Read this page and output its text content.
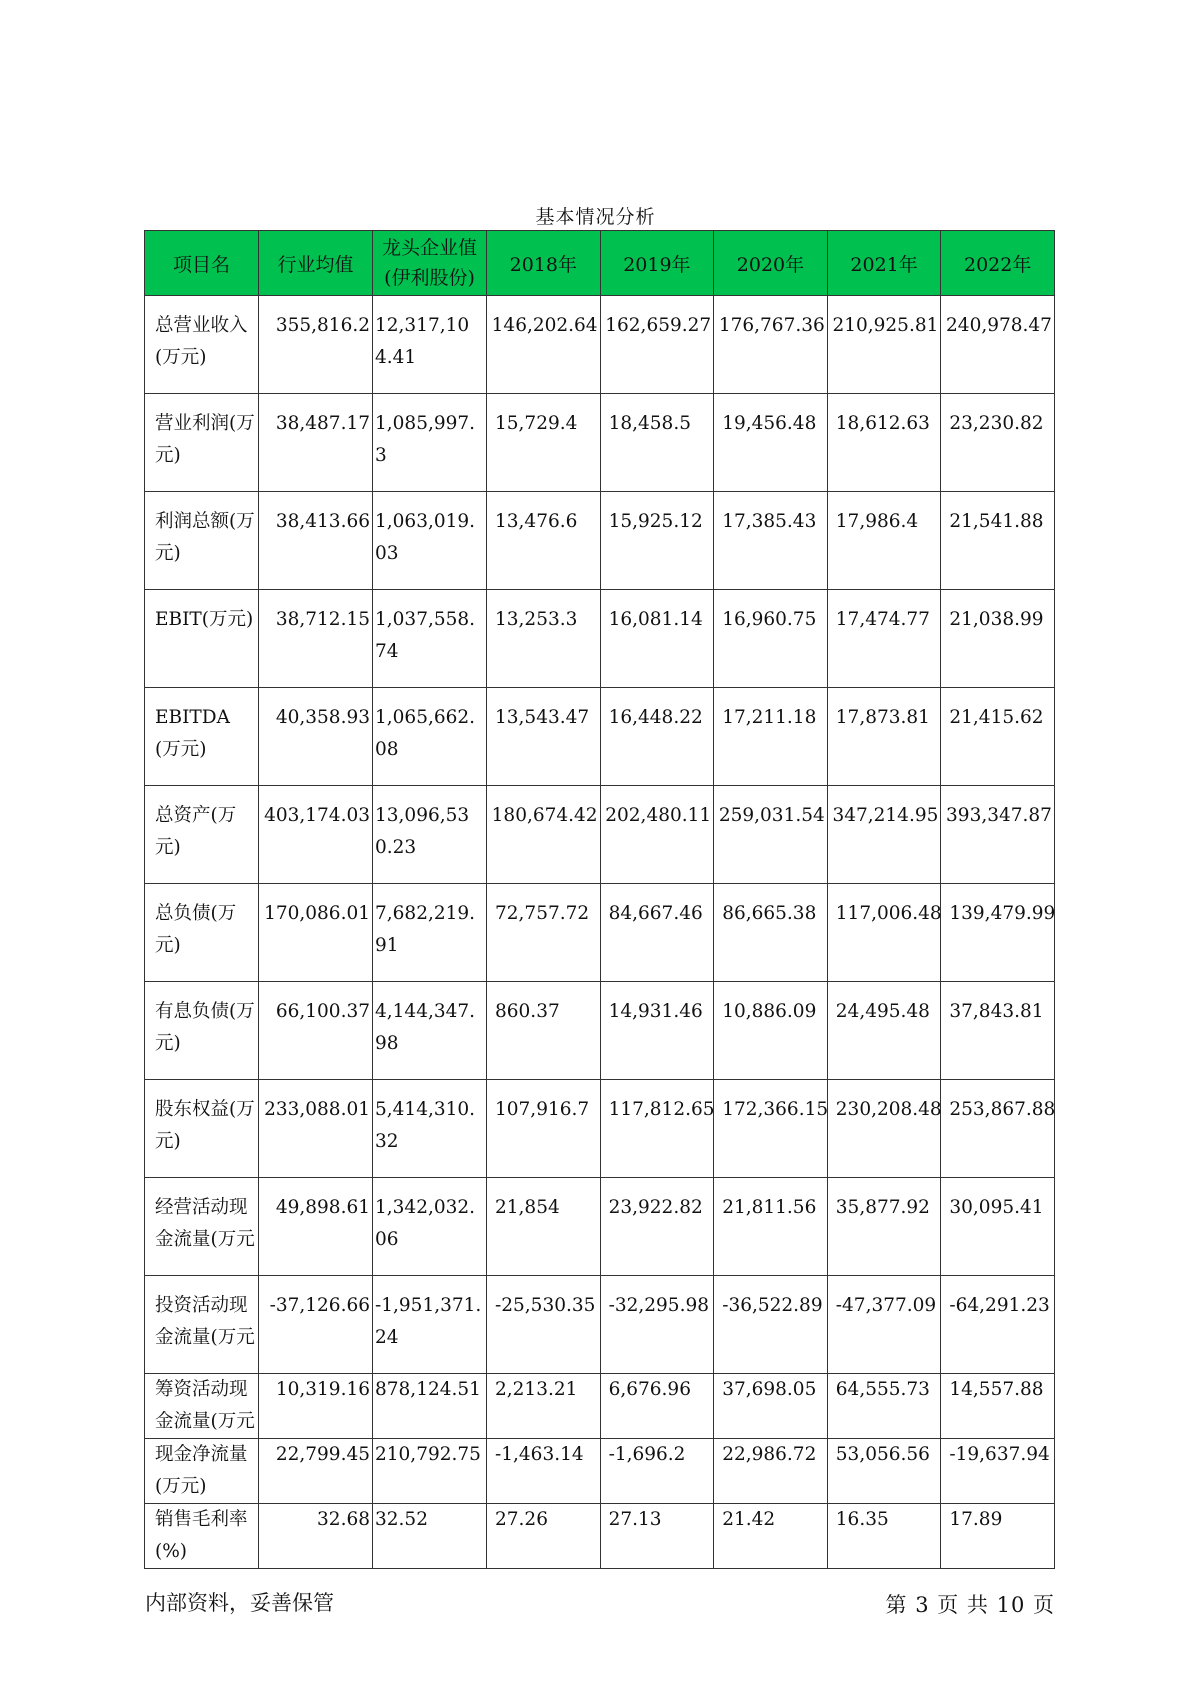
基本情况分析
项目名	行业均值	龙头企业值(伊利股份)	2018年	2019年	2020年	2021年	2022年

总营业收入(万元)	355,816.2	12,317,104.41	146,202.64	162,659.27	176,767.36	210,925.81	240,978.47

营业利润(万元)	38,487.17	1,085,997.3	15,729.4	18,458.5	19,456.48	18,612.63	23,230.82

利润总额(万元)	38,413.66	1,063,019.03	13,476.6	15,925.12	17,385.43	17,986.4	21,541.88

EBIT(万元)	38,712.15	1,037,558.74	13,253.3	16,081.14	16,960.75	17,474.77	21,038.99

EBITDA(万元)	40,358.93	1,065,662.08	13,543.47	16,448.22	17,211.18	17,873.81	21,415.62

总资产(万元)	403,174.03	13,096,530.23	180,674.42	202,480.11	259,031.54	347,214.95	393,347.87

总负债(万元)	170,086.01	7,682,219.91	72,757.72	84,667.46	86,665.38	117,006.48	139,479.99

有息负债(万元)	66,100.37	4,144,347.98	860.37	14,931.46	10,886.09	24,495.48	37,843.81

股东权益(万元)	233,088.01	5,414,310.32	107,916.7	117,812.65	172,366.15	230,208.48	253,867.88

经营活动现金流量(万元	49,898.61	1,342,032.06	21,854	23,922.82	21,811.56	35,877.92	30,095.41

投资活动现金流量(万元	-37,126.66	-1,951,371.24	-25,530.35	-32,295.98	-36,522.89	-47,377.09	-64,291.23

筹资活动现金流量(万元	10,319.16	878,124.51	2,213.21	6,676.96	37,698.05	64,555.73	14,557.88

现金净流量(万元)	22,799.45	210,792.75	-1,463.14	-1,696.2	22,986.72	53,056.56	-19,637.94

销售毛利率(%)	32.68	32.52	27.26	27.13	21.42	16.35	17.89
内部资料，妥善保管	第 3 页 共 10 页
